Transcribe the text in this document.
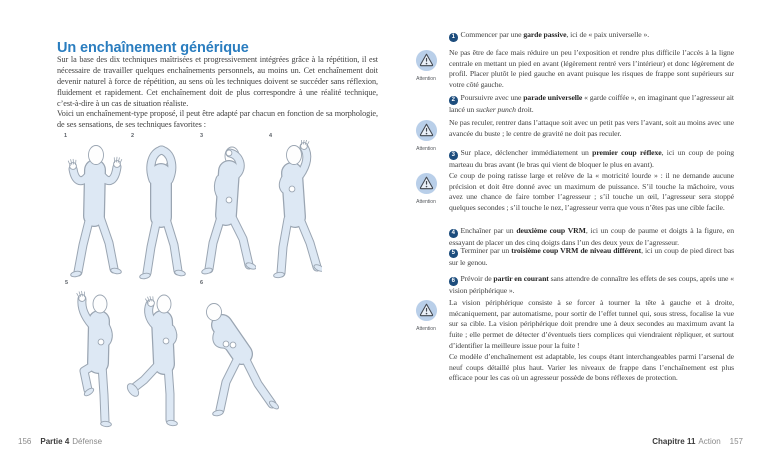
Un enchaînement générique

Sur la base des dix techniques maîtrisées et progressivement intégrées grâce à la répétition, il est nécessaire de travailler quelques enchaînements personnels, au moins un. Cet enchaînement doit devenir naturel à force de répétition, au sens où les techniques doivent se succéder sans réflexion, fluidement et rapidement. Cet enchaînement doit de plus correspondre à une réalité technique, c’est-à-dire à un cas de situation réaliste.

Voici un enchaînement-type proposé, il peut être adapté par chacun en fonction de sa morphologie, de ses sensations, de ses techniques favorites :

1	2	3	4
5	6
156 Partie 4 Défense

1 Commencer par une garde passive, ici de « paix universelle ».

Attention

Ne pas être de face mais réduire un peu l’exposition et rendre plus difficile l’accès à la ligne centrale en mettant un pied en avant (légèrement rentré vers l’intérieur) et donc légèrement de profil. Placer plutôt le pied gauche en avant puisque les risques de frappe sont supérieurs sur votre côté gauche.

2 Poursuivre avec une parade universelle « garde coiffée », en imaginant que l’agresseur ait lancé un sucker punch droit.

Attention

Ne pas reculer, rentrer dans l’attaque soit avec un petit pas vers l’avant, soit au moins avec une avancée du buste ; le centre de gravité ne doit pas reculer.

3 Sur place, déclencher immédiatement un premier coup réflexe, ici un coup de poing marteau du bras avant (le bras qui vient de bloquer le plus en avant).

Attention

Ce coup de poing ratisse large et relève de la « motricité lourde » : il ne demande aucune précision et doit être donné avec un maximum de puissance. S’il touche la mâchoire, vous avez une chance de faire tomber l’agresseur ; s’il touche un œil, l’agresseur sera stoppé quelques secondes ; s’il touche le nez, l’agresseur verra que vous n’êtes pas une cible facile.

4 Enchaîner par un deuxième coup VRM, ici un coup de paume et doigts à la figure, en essayant de placer un des cinq doigts dans l’un des deux yeux de l’agresseur.

5 Terminer par un troisième coup VRM de niveau différent, ici un coup de pied direct bas sur le genou.

6 Prévoir de partir en courant sans attendre de connaître les effets de ses coups, après une « vision périphérique ».

Attention

La vision périphérique consiste à se forcer à tourner la tête à gauche et à droite, mécaniquement, par automatisme, pour sortir de l’effet tunnel qui, sous stress, focalise la vue sur sa cible. La vision périphérique doit prendre une à deux secondes au maximum avant la fuite ; elle permet de détecter d’éventuels tiers complices qui viendraient répliquer, et surtout d’identifier la meilleure issue pour la fuite !

Ce modèle d’enchaînement est adaptable, les coups étant interchangeables parmi l’arsenal de neuf coups détaillé plus haut. Varier les niveaux de frappe dans l’enchaînement est plus efficace pour les cas où un agresseur possède de bons réflexes de protection.

Chapitre 11 Action 157
